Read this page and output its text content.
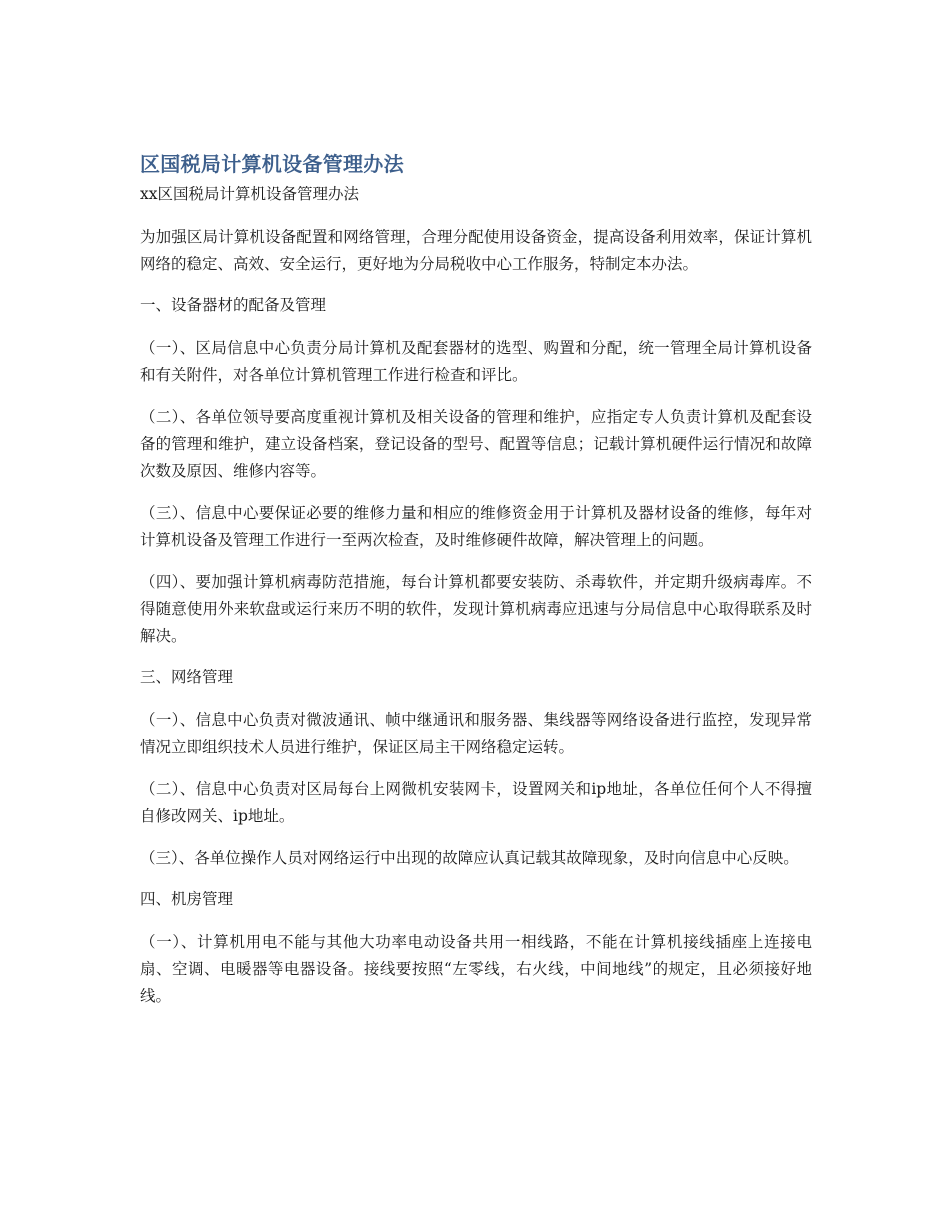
区国税局计算机设备管理办法

xx区国税局计算机设备管理办法

为加强区局计算机设备配置和网络管理，合理分配使用设备资金，提高设备利用效率，保证计算机网络的稳定、高效、安全运行，更好地为分局税收中心工作服务，特制定本办法。

一、设备器材的配备及管理

（一）、区局信息中心负责分局计算机及配套器材的选型、购置和分配，统一管理全局计算机设备和有关附件，对各单位计算机管理工作进行检查和评比。

（二）、各单位领导要高度重视计算机及相关设备的管理和维护，应指定专人负责计算机及配套设备的管理和维护，建立设备档案，登记设备的型号、配置等信息；记载计算机硬件运行情况和故障次数及原因、维修内容等。

（三）、信息中心要保证必要的维修力量和相应的维修资金用于计算机及器材设备的维修，每年对计算机设备及管理工作进行一至两次检查，及时维修硬件故障，解决管理上的问题。

（四）、要加强计算机病毒防范措施，每台计算机都要安装防、杀毒软件，并定期升级病毒库。不得随意使用外来软盘或运行来历不明的软件，发现计算机病毒应迅速与分局信息中心取得联系及时解决。

三、网络管理

（一）、信息中心负责对微波通讯、帧中继通讯和服务器、集线器等网络设备进行监控，发现异常情况立即组织技术人员进行维护，保证区局主干网络稳定运转。

（二）、信息中心负责对区局每台上网微机安装网卡，设置网关和ip地址，各单位任何个人不得擅自修改网关、ip地址。

（三）、各单位操作人员对网络运行中出现的故障应认真记载其故障现象，及时向信息中心反映。

四、机房管理

（一）、计算机用电不能与其他大功率电动设备共用一相线路，不能在计算机接线插座上连接电扇、空调、电暖器等电器设备。接线要按照“左零线，右火线，中间地线”的规定，且必须接好地线。
